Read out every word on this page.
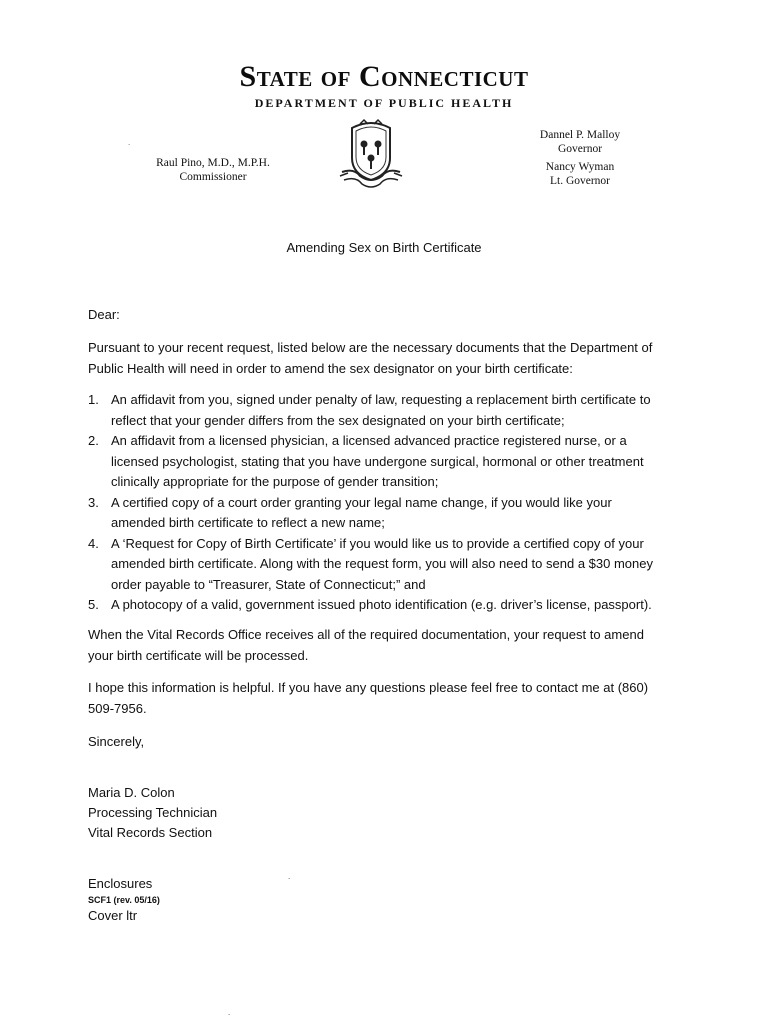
State of Connecticut
DEPARTMENT OF PUBLIC HEALTH
.
Raul Pino, M.D., M.P.H.
Commissioner
Dannel P. Malloy
Governor
Nancy Wyman
Lt. Governor
Amending Sex on Birth Certificate
Dear:
Pursuant to your recent request, listed below are the necessary documents that the Department of Public Health will need in order to amend the sex designator on your birth certificate:
1. An affidavit from you, signed under penalty of law, requesting a replacement birth certificate to reflect that your gender differs from the sex designated on your birth certificate;
2. An affidavit from a licensed physician, a licensed advanced practice registered nurse, or a licensed psychologist, stating that you have undergone surgical, hormonal or other treatment clinically appropriate for the purpose of gender transition;
3. A certified copy of a court order granting your legal name change, if you would like your amended birth certificate to reflect a new name;
4. A ‘Request for Copy of Birth Certificate’ if you would like us to provide a certified copy of your amended birth certificate. Along with the request form, you will also need to send a $30 money order payable to “Treasurer, State of Connecticut;” and
5. A photocopy of a valid, government issued photo identification (e.g. driver’s license, passport).
When the Vital Records Office receives all of the required documentation, your request to amend your birth certificate will be processed.
I hope this information is helpful. If you have any questions please feel free to contact me at (860) 509-7956.
Sincerely,
Maria D. Colon
Processing Technician
Vital Records Section
.
Enclosures
SCF1 (rev. 05/16)
Cover ltr
.
